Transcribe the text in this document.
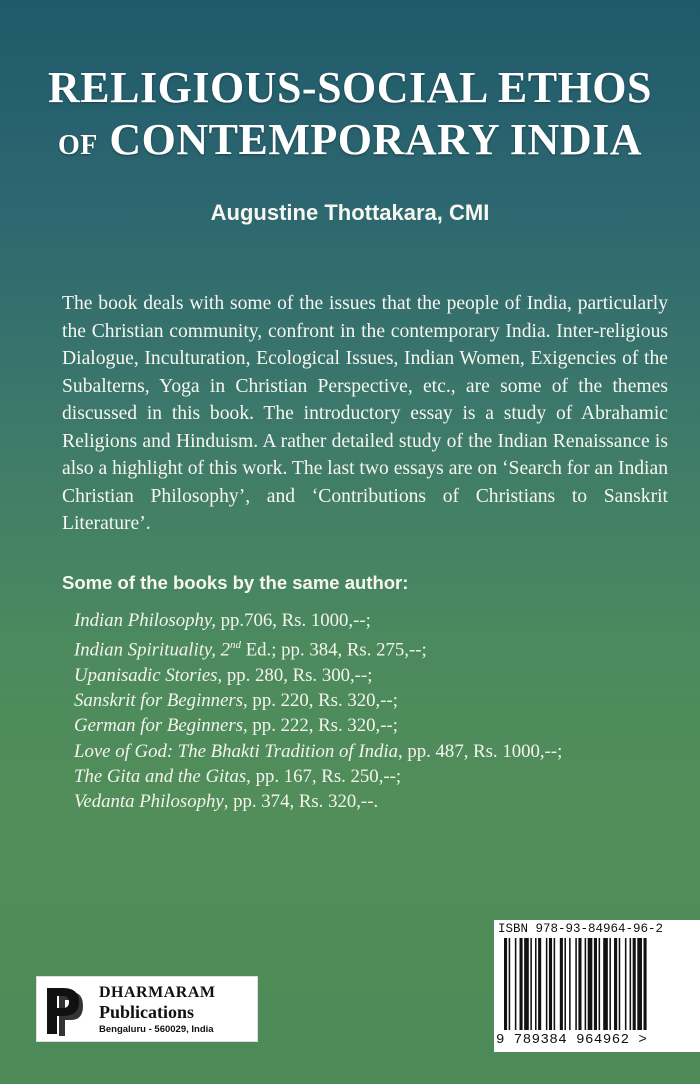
RELIGIOUS-SOCIAL ETHOS
OF CONTEMPORARY INDIA
Augustine Thottakara, CMI
The book deals with some of the issues that the people of India, particularly the Christian community, confront in the contemporary India. Inter-religious Dialogue, Inculturation, Ecological Issues, Indian Women, Exigencies of the Subalterns, Yoga in Christian Perspective, etc., are some of the themes discussed in this book. The introductory essay is a study of Abrahamic Religions and Hinduism. A rather detailed study of the Indian Renaissance is also a highlight of this work. The last two essays are on ‘Search for an Indian Christian Philosophy’, and ‘Contributions of Christians to Sanskrit Literature’.
Some of the books by the same author:
Indian Philosophy, pp.706, Rs. 1000,--;
Indian Spirituality, 2nd Ed.; pp. 384, Rs. 275,--;
Upanisadic Stories, pp. 280, Rs. 300,--;
Sanskrit for Beginners, pp. 220, Rs. 320,--;
German for Beginners, pp. 222, Rs. 320,--;
Love of God: The Bhakti Tradition of India, pp. 487, Rs. 1000,--;
The Gita and the Gitas, pp. 167, Rs. 250,--;
Vedanta Philosophy, pp. 374, Rs. 320,--.
DHARMARAM
Publications
Bengaluru - 560029, India
ISBN 978-93-84964-96-2
9 789384 964962 >
